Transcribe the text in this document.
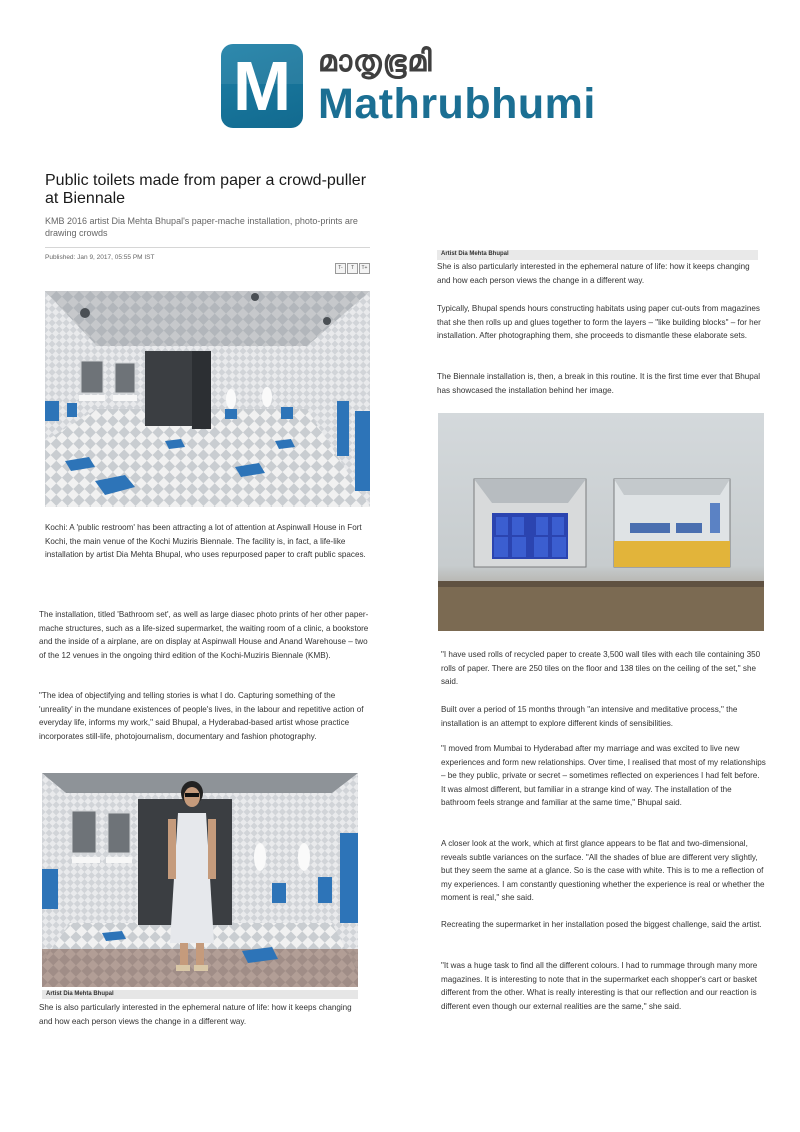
M മാതൃഭൂമി
Mathrubhumi
Public toilets made from paper a crowd-puller at Biennale
KMB 2016 artist Dia Mehta Bhupal's paper-mache installation, photo-prints are drawing crowds
Published: Jan 9, 2017, 05:55 PM IST
T-	T	T+
Kochi: A 'public restroom' has been attracting a lot of attention at Aspinwall House in Fort Kochi, the main venue of the Kochi Muziris Biennale. The facility is, in fact, a life-like installation by artist Dia Mehta Bhupal, who uses repurposed paper to craft public spaces.
The installation, titled 'Bathroom set', as well as large diasec photo prints of her other paper-mache structures, such as a life-sized supermarket, the waiting room of a clinic, a bookstore and the inside of a airplane, are on display at Aspinwall House and Anand Warehouse – two of the 12 venues in the ongoing third edition of the Kochi-Muziris Biennale (KMB).
"The idea of objectifying and telling stories is what I do. Capturing something of the 'unreality' in the mundane existences of people's lives, in the labour and repetitive action of everyday life, informs my work," said Bhupal, a Hyderabad-based artist whose practice incorporates still-life, photojournalism, documentary and fashion photography.
Artist Dia Mehta Bhupal
She is also particularly interested in the ephemeral nature of life: how it keeps changing and how each person views the change in a different way.
Artist Dia Mehta Bhupal
She is also particularly interested in the ephemeral nature of life: how it keeps changing and how each person views the change in a different way.
Typically, Bhupal spends hours constructing habitats using paper cut-outs from magazines that she then rolls up and glues together to form the layers – "like building blocks" – for her installation. After photographing them, she proceeds to dismantle these elaborate sets.
The Biennale installation is, then, a break in this routine. It is the first time ever that Bhupal has showcased the installation behind her image.
"I have used rolls of recycled paper to create 3,500 wall tiles with each tile containing 350 rolls of paper. There are 250 tiles on the floor and 138 tiles on the ceiling of the set," she said.
Built over a period of 15 months through "an intensive and meditative process," the installation is an attempt to explore different kinds of sensibilities.
"I moved from Mumbai to Hyderabad after my marriage and was excited to live new experiences and form new relationships. Over time, I realised that most of my relationships – be they public, private or secret – sometimes reflected on experiences I had felt before. It was almost different, but familiar in a strange kind of way. The installation of the bathroom feels strange and familiar at the same time," Bhupal said.
A closer look at the work, which at first glance appears to be flat and two-dimensional, reveals subtle variances on the surface. "All the shades of blue are different very slightly, but they seem the same at a glance. So is the case with white. This is to me a reflection of my experiences. I am constantly questioning whether the experience is real or whether the moment is real," she said.
Recreating the supermarket in her installation posed the biggest challenge, said the artist.
"It was a huge task to find all the different colours. I had to rummage through many more magazines. It is interesting to note that in the supermarket each shopper's cart or basket different from the other. What is really interesting is that our reflection and our reaction is different even though our external realities are the same," she said.
